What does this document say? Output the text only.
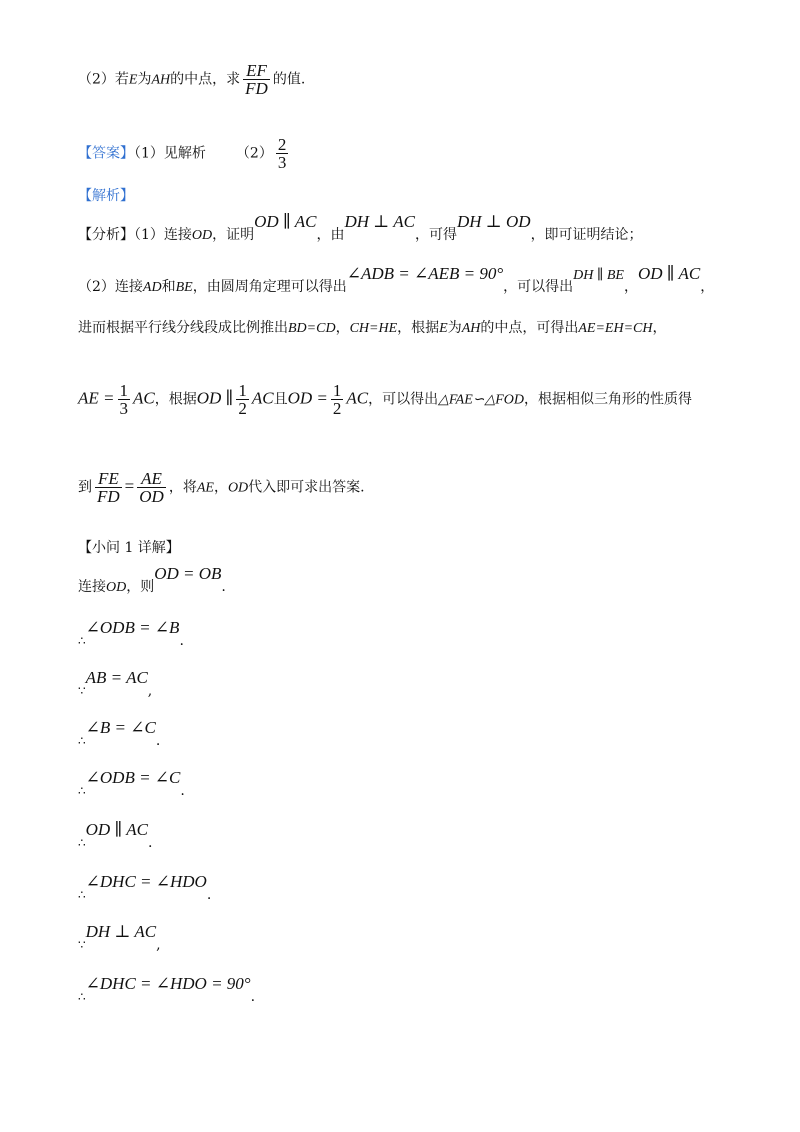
（2）若E为AH的中点，求 $\frac{EF}{FD}$ 的值.
【答案】（1）见解析 $(2) \frac{2}{3}$
【解析】
【分析】（1）连接OD，证明OD ∥ AC，由DH ⊥ AC，可得DH ⊥ OD，即可证明结论；
（2）连接AD和BE，由圆周角定理可以得出∠ADB = ∠AEB = 90°，可以得出DH ∥ BE，OD ∥ AC，
进而根据平行线分线段成比例推出BD=CD，CH=HE，根据E为AH的中点，可得出AE=EH=CH，
AE = $\frac{1}{3}$ AC，根据OD ∥ $\frac{1}{2}$ AC且OD = $\frac{1}{2}$ AC，可以得出△FAE∽△FOD，根据相似三角形的性质得
到 $\frac{FE}{FD} = \frac{AE}{OD}$ ，将AE，OD代入即可求出答案.
【小问 1 详解】
连接OD，则OD = OB.
∴∠ODB = ∠B.
∵AB = AC,
∴∠B = ∠C.
∴∠ODB = ∠C.
∴OD ∥ AC.
∴∠DHC = ∠HDO.
∵DH ⊥ AC,
∴∠DHC = ∠HDO = 90°.
